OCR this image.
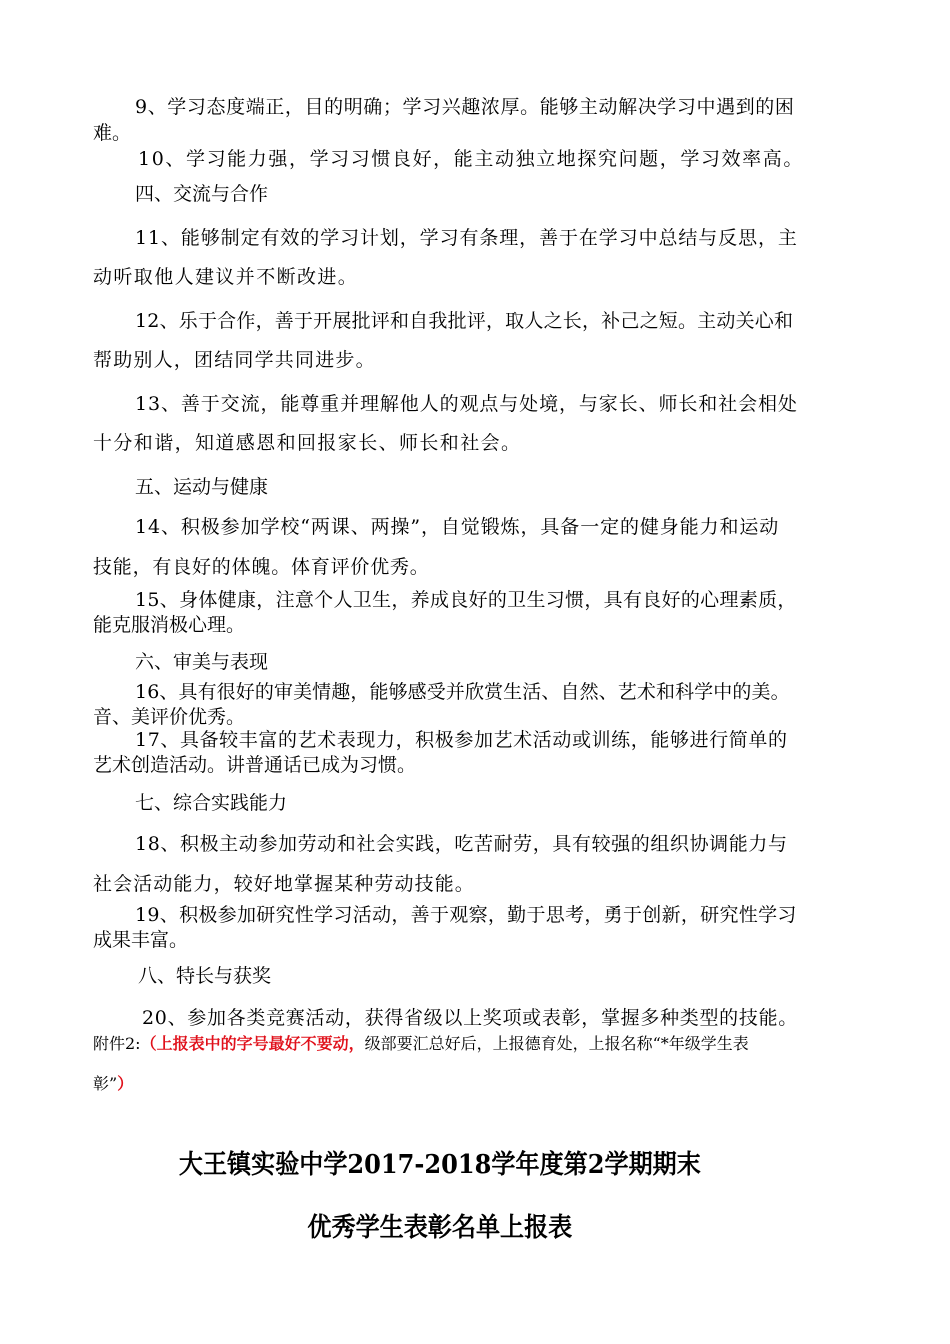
9、学习态度端正，目的明确；学习兴趣浓厚。能够主动解决学习中遇到的困
难。
10、学习能力强，学习习惯良好，能主动独立地探究问题，学习效率高。
四、交流与合作
11、能够制定有效的学习计划，学习有条理，善于在学习中总结与反思，主
动听取他人建议并不断改进。
12、乐于合作，善于开展批评和自我批评，取人之长，补己之短。主动关心和
帮助别人，团结同学共同进步。
13、善于交流，能尊重并理解他人的观点与处境，与家长、师长和社会相处
十分和谐，知道感恩和回报家长、师长和社会。
五、运动与健康
14、积极参加学校“两课、两操”，自觉锻炼，具备一定的健身能力和运动
技能，有良好的体魄。体育评价优秀。
15、身体健康，注意个人卫生，养成良好的卫生习惯，具有良好的心理素质，
能克服消极心理。
六、审美与表现
16、具有很好的审美情趣，能够感受并欣赏生活、自然、艺术和科学中的美。
音、美评价优秀。
17、具备较丰富的艺术表现力，积极参加艺术活动或训练，能够进行简单的
艺术创造活动。讲普通话已成为习惯。
七、综合实践能力
18、积极主动参加劳动和社会实践，吃苦耐劳，具有较强的组织协调能力与
社会活动能力，较好地掌握某种劳动技能。
19、积极参加研究性学习活动，善于观察，勤于思考，勇于创新，研究性学习
成果丰富。
八、特长与获奖
20、参加各类竞赛活动，获得省级以上奖项或表彰，掌握多种类型的技能。
附件2:（上报表中的字号最好不要动，级部要汇总好后，上报德育处，上报名称“*年级学生表
彰”）
大王镇实验中学2017-2018学年度第2学期期末
优秀学生表彰名单上报表
